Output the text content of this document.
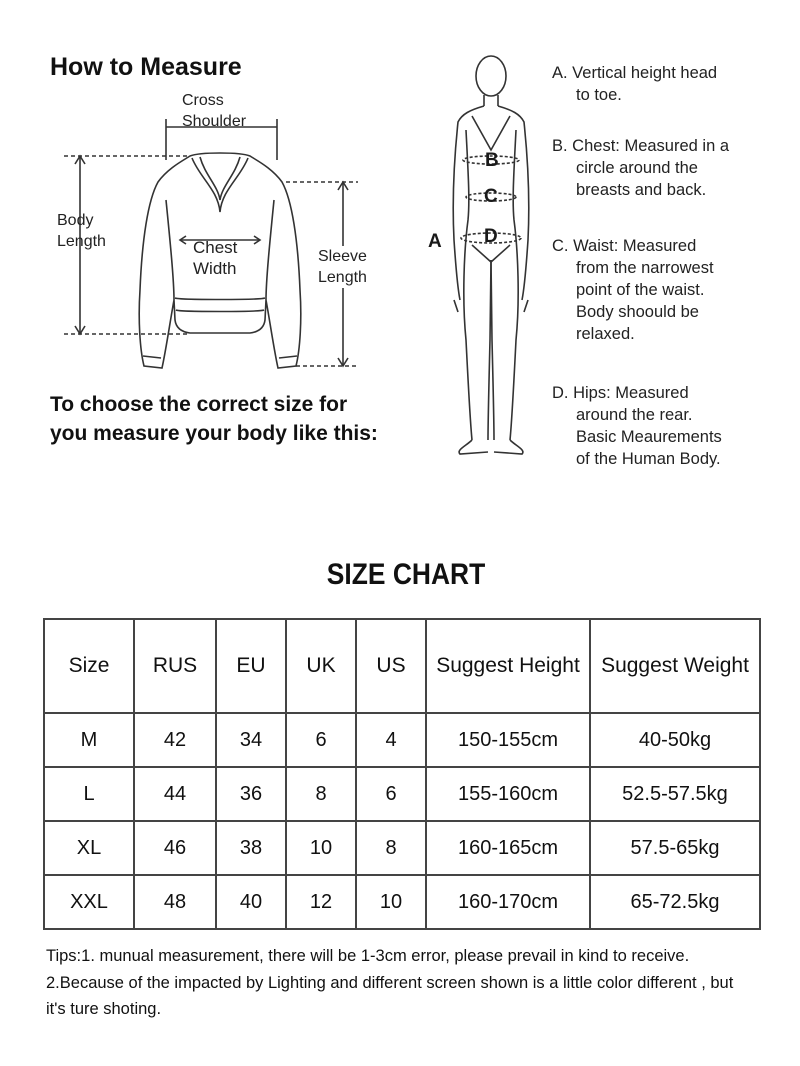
How to Measure
Cross
Shoulder
Body
Length	Chest
Width
Sleeve
Length
To choose the correct size for
you measure your body like this:
A
B
C
D
A. Vertical height head
to toe.
B. Chest: Measured in a
circle around the
breasts and back.
C. Waist: Measured
from the narrowest
point of the waist.
Body shoould be
relaxed.
D. Hips: Measured
around the rear.
Basic Meaurements
of the Human Body.
SIZE CHART
Size	RUS	EU	UK	US	Suggest Height	Suggest Weight
M	42	34	6	4	150-155cm	40-50kg
L	44	36	8	6	155-160cm	52.5-57.5kg
XL	46	38	10	8	160-165cm	57.5-65kg
XXL	48	40	12	10	160-170cm	65-72.5kg
Tips:1. munual measurement, there will be 1-3cm error, please prevail in kind to receive.
2.Because of the impacted by Lighting and different screen shown is a little color different , but
it's ture shoting.
